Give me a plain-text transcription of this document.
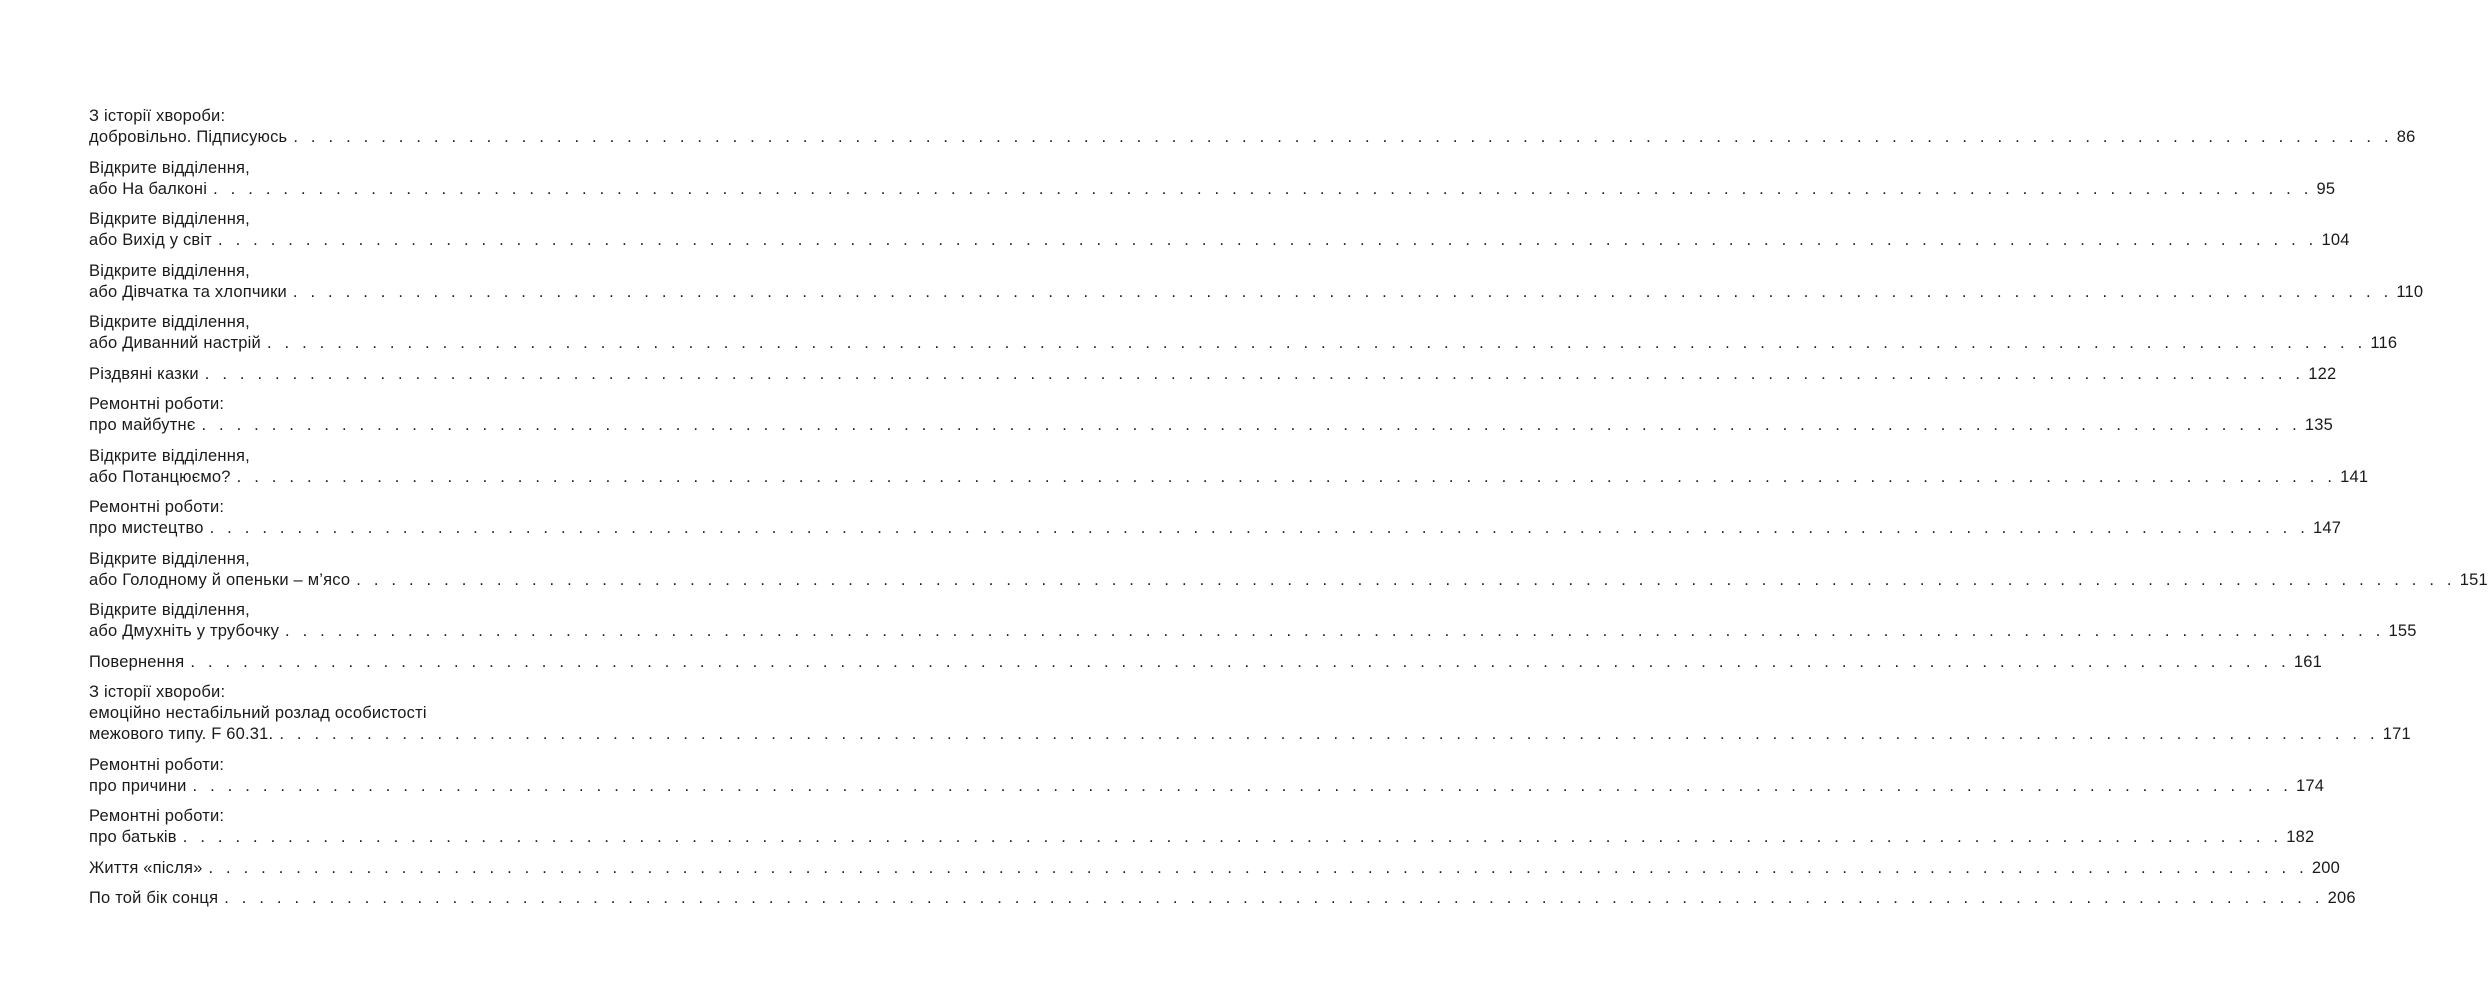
З історії хвороби:
добровільно. Підписуюсь . . . . . . . . . . . . . . . . . . . . . . . . . . . . . . . . . . . . . . . . . . . . . . . . . . . . . . . . . . . . . . . . . . . . . . . . . . . . . . . . . . . . . . . . . . . . . . . . . . . . . . . . . . . . . . . . . . . . . . . . 86
Відкрите відділення,
або На балконі . . . . . . . . . . . . . . . . . . . . . . . . . . . . . . . . . . . . . . . . . . . . . . . . . . . . . . . . . . . . . . . . . . . . . . . . . . . . . . . . . . . . . . . . . . . . . . . . . . . . . . . . . . . . . . . . . . . . . . . . 95
Відкрите відділення,
або Вихід у світ . . . . . . . . . . . . . . . . . . . . . . . . . . . . . . . . . . . . . . . . . . . . . . . . . . . . . . . . . . . . . . . . . . . . . . . . . . . . . . . . . . . . . . . . . . . . . . . . . . . . . . . . . . . . . . . . . . . . . . . . 104
Відкрите відділення,
або Дівчатка та хлопчики . . . . . . . . . . . . . . . . . . . . . . . . . . . . . . . . . . . . . . . . . . . . . . . . . . . . . . . . . . . . . . . . . . . . . . . . . . . . . . . . . . . . . . . . . . . . . . . . . . . . . . . . . . . . . . . . . . . . . . . . 110
Відкрите відділення,
або Диванний настрій . . . . . . . . . . . . . . . . . . . . . . . . . . . . . . . . . . . . . . . . . . . . . . . . . . . . . . . . . . . . . . . . . . . . . . . . . . . . . . . . . . . . . . . . . . . . . . . . . . . . . . . . . . . . . . . . . . . . . . . . 116
Різдвяні казки . . . . . . . . . . . . . . . . . . . . . . . . . . . . . . . . . . . . . . . . . . . . . . . . . . . . . . . . . . . . . . . . . . . . . . . . . . . . . . . . . . . . . . . . . . . . . . . . . . . . . . . . . . . . . . . . . . . . . . . . 122
Ремонтні роботи:
про майбутнє . . . . . . . . . . . . . . . . . . . . . . . . . . . . . . . . . . . . . . . . . . . . . . . . . . . . . . . . . . . . . . . . . . . . . . . . . . . . . . . . . . . . . . . . . . . . . . . . . . . . . . . . . . . . . . . . . . . . . . . . 135
Відкрите відділення,
або Потанцюємо? . . . . . . . . . . . . . . . . . . . . . . . . . . . . . . . . . . . . . . . . . . . . . . . . . . . . . . . . . . . . . . . . . . . . . . . . . . . . . . . . . . . . . . . . . . . . . . . . . . . . . . . . . . . . . . . . . . . . . . . . 141
Ремонтні роботи:
про мистецтво . . . . . . . . . . . . . . . . . . . . . . . . . . . . . . . . . . . . . . . . . . . . . . . . . . . . . . . . . . . . . . . . . . . . . . . . . . . . . . . . . . . . . . . . . . . . . . . . . . . . . . . . . . . . . . . . . . . . . . . . 147
Відкрите відділення,
або Голодному й опеньки – м’ясо . . . . . . . . . . . . . . . . . . . . . . . . . . . . . . . . . . . . . . . . . . . . . . . . . . . . . . . . . . . . . . . . . . . . . . . . . . . . . . . . . . . . . . . . . . . . . . . . . . . . . . . . . . . . . . . . . . . . . . . . 151
Відкрите відділення,
або Дмухніть у трубочку . . . . . . . . . . . . . . . . . . . . . . . . . . . . . . . . . . . . . . . . . . . . . . . . . . . . . . . . . . . . . . . . . . . . . . . . . . . . . . . . . . . . . . . . . . . . . . . . . . . . . . . . . . . . . . . . . . . . . . . . 155
Повернення . . . . . . . . . . . . . . . . . . . . . . . . . . . . . . . . . . . . . . . . . . . . . . . . . . . . . . . . . . . . . . . . . . . . . . . . . . . . . . . . . . . . . . . . . . . . . . . . . . . . . . . . . . . . . . . . . . . . . . . . 161
З історії хвороби:
емоційно нестабільний розлад особистості
межового типу. F 60.31. . . . . . . . . . . . . . . . . . . . . . . . . . . . . . . . . . . . . . . . . . . . . . . . . . . . . . . . . . . . . . . . . . . . . . . . . . . . . . . . . . . . . . . . . . . . . . . . . . . . . . . . . . . . . . . . . . . . . . . . . 171
Ремонтні роботи:
про причини . . . . . . . . . . . . . . . . . . . . . . . . . . . . . . . . . . . . . . . . . . . . . . . . . . . . . . . . . . . . . . . . . . . . . . . . . . . . . . . . . . . . . . . . . . . . . . . . . . . . . . . . . . . . . . . . . . . . . . . . 174
Ремонтні роботи:
про батьків . . . . . . . . . . . . . . . . . . . . . . . . . . . . . . . . . . . . . . . . . . . . . . . . . . . . . . . . . . . . . . . . . . . . . . . . . . . . . . . . . . . . . . . . . . . . . . . . . . . . . . . . . . . . . . . . . . . . . . . . 182
Життя «після» . . . . . . . . . . . . . . . . . . . . . . . . . . . . . . . . . . . . . . . . . . . . . . . . . . . . . . . . . . . . . . . . . . . . . . . . . . . . . . . . . . . . . . . . . . . . . . . . . . . . . . . . . . . . . . . . . . . . . . . . 200
По той бік сонця . . . . . . . . . . . . . . . . . . . . . . . . . . . . . . . . . . . . . . . . . . . . . . . . . . . . . . . . . . . . . . . . . . . . . . . . . . . . . . . . . . . . . . . . . . . . . . . . . . . . . . . . . . . . . . . . . . . . . . . . 206
